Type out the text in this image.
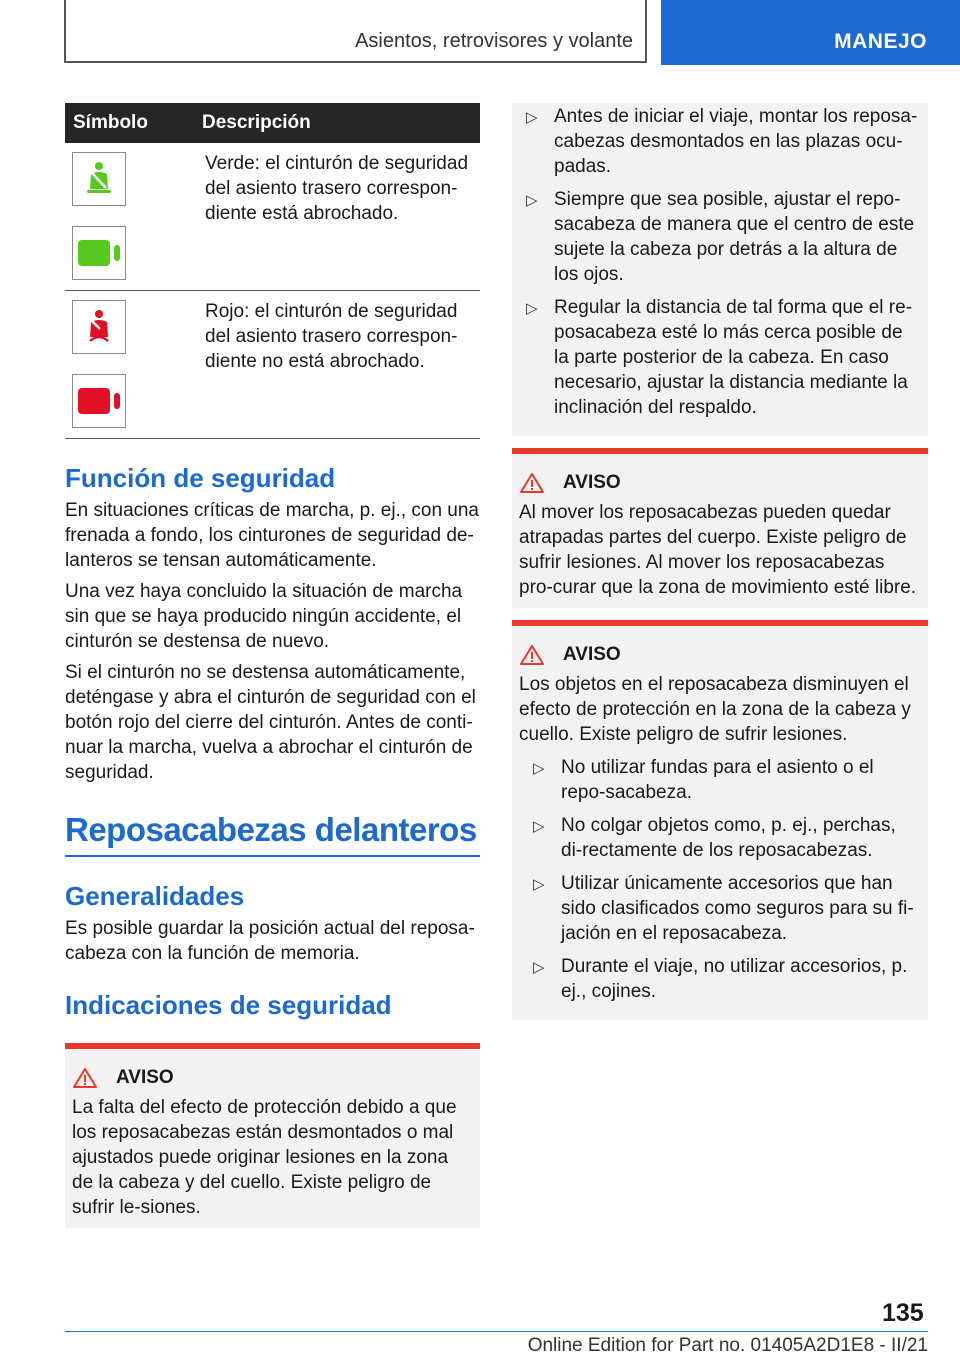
Asientos, retrovisores y volante	MANEJO
Símbolo	Descripción

	Verde: el cinturón de seguridad del asiento trasero correspon-diente está abrochado.

	Rojo: el cinturón de seguridad del asiento trasero correspon-diente no está abrochado.
Función de seguridad

En situaciones críticas de marcha, p. ej., con una frenada a fondo, los cinturones de seguridad de-lanteros se tensan automáticamente.

Una vez haya concluido la situación de marcha sin que se haya producido ningún accidente, el cinturón se destensa de nuevo.

Si el cinturón no se destensa automáticamente, deténgase y abra el cinturón de seguridad con el botón rojo del cierre del cinturón. Antes de conti-nuar la marcha, vuelva a abrochar el cinturón de seguridad.

Reposacabezas delanteros
Generalidades

Es posible guardar la posición actual del reposa-cabeza con la función de memoria.

Indicaciones de seguridad
AVISO

La falta del efecto de protección debido a que los reposacabezas están desmontados o mal ajustados puede originar lesiones en la zona de la cabeza y del cuello. Existe peligro de sufrir le-siones.

▷ Antes de iniciar el viaje, montar los reposa-cabezas desmontados en las plazas ocu-padas.
▷ Siempre que sea posible, ajustar el repo-sacabeza de manera que el centro de este sujete la cabeza por detrás a la altura de los ojos.
▷ Regular la distancia de tal forma que el re-posacabeza esté lo más cerca posible de la parte posterior de la cabeza. En caso necesario, ajustar la distancia mediante la inclinación del respaldo.
AVISO

Al mover los reposacabezas pueden quedar atrapadas partes del cuerpo. Existe peligro de sufrir lesiones. Al mover los reposacabezas pro-curar que la zona de movimiento esté libre.

AVISO

Los objetos en el reposacabeza disminuyen el efecto de protección en la zona de la cabeza y cuello. Existe peligro de sufrir lesiones.

▷ No utilizar fundas para el asiento o el repo-sacabeza.
▷ No colgar objetos como, p. ej., perchas, di-rectamente de los reposacabezas.
▷ Utilizar únicamente accesorios que han sido clasificados como seguros para su fi-jación en el reposacabeza.
▷ Durante el viaje, no utilizar accesorios, p. ej., cojines.
135
Online Edition for Part no. 01405A2D1E8 - II/21
